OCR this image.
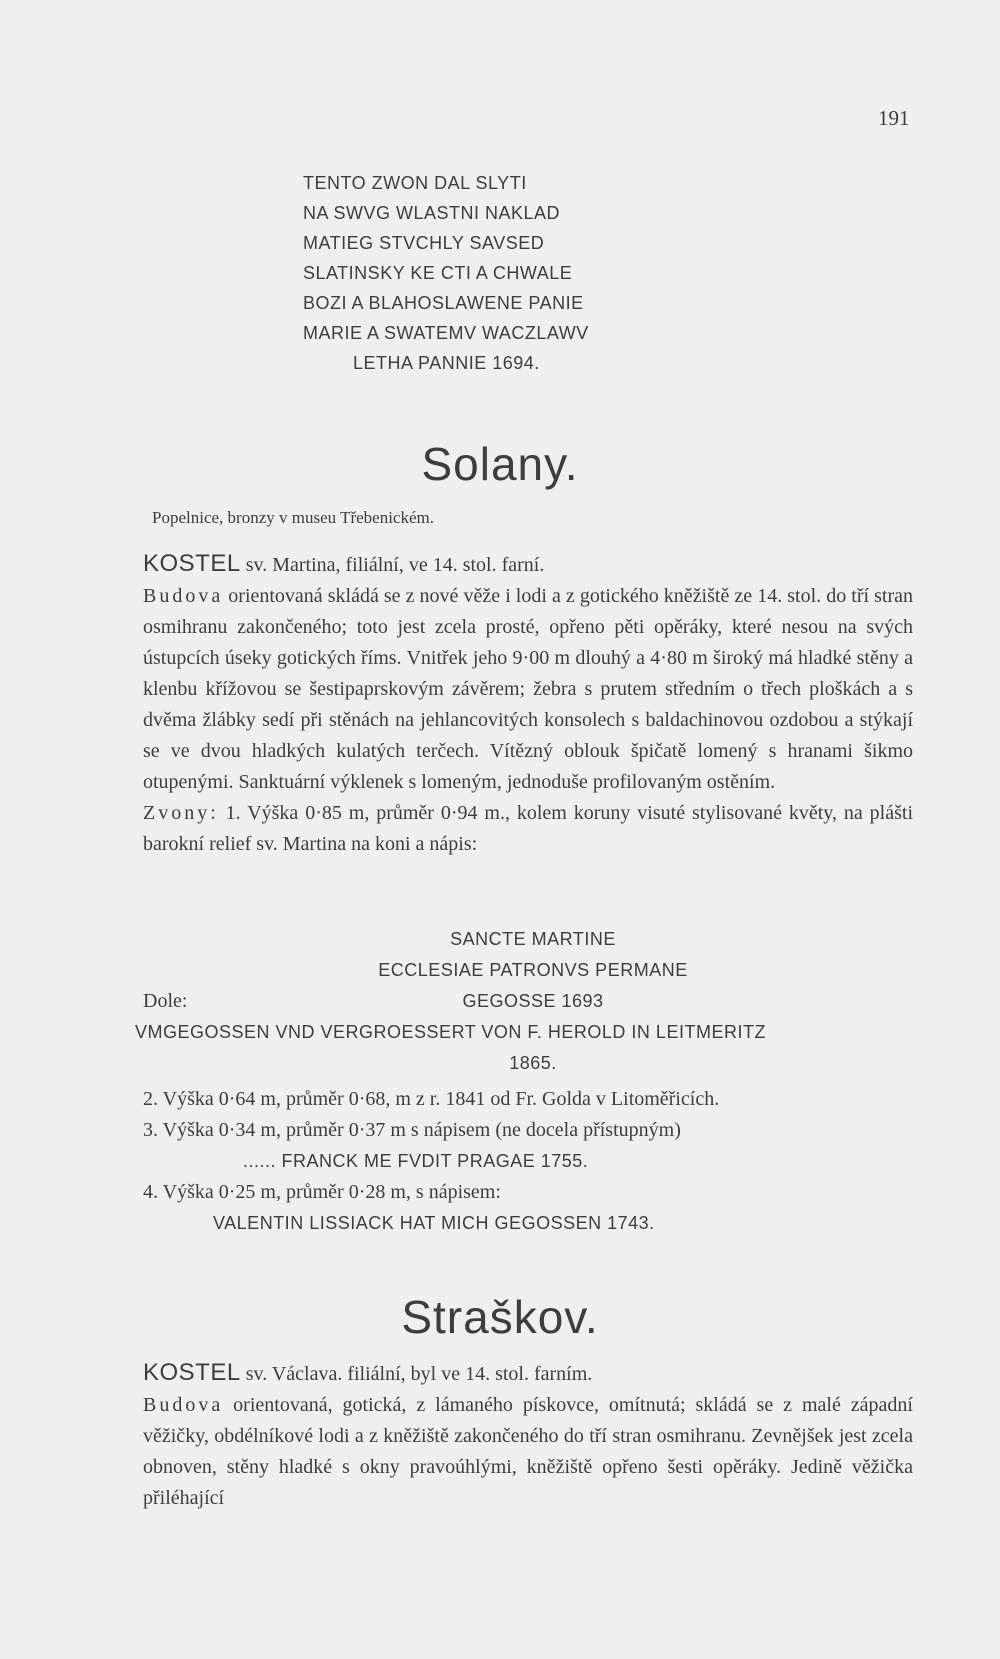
191
TENTO ZWON DAL SLYTI
NA SWVG WLASTNI NAKLAD
MATIEG STVCHLY SAVSED
SLATINSKY KE CTI A CHWALE
BOZI A BLAHOSLAWENE PANIE
MARIE A SWATEMV WACZLAWV
LETHA PANNIE 1694.
Solany.
Popelnice, bronzy v museu Třebenickém.

KOSTEL sv. Martina, filiální, ve 14. stol. farní.

Budova orientovaná skládá se z nové věže i lodi a z gotického kněžiště ze 14. stol. do tří stran osmihranu zakončeného; toto jest zcela prosté, opřeno pěti opěráky, které nesou na svých ústupcích úseky gotických říms. Vnitřek jeho 9·00 m dlouhý a 4·80 m široký má hladké stěny a klenbu křížovou se šestipaprskovým závěrem; žebra s prutem středním o třech ploškách a s dvěma žlábky sedí při stěnách na jehlancovitých konsolech s baldachinovou ozdobou a stýkají se ve dvou hladkých kulatých terčech. Vítězný oblouk špičatě lomený s hranami šikmo otupenými. Sanktuární výklenek s lomeným, jednoduše profilovaným ostěním.

Zvony: 1. Výška 0·85 m, průměr 0·94 m., kolem koruny visuté stylisované květy, na plášti barokní relief sv. Martina na koni a nápis:

SANCTE MARTINE
ECCLESIAE PATRONVS PERMANE
Dole:	GEGOSSE 1693
VMGEGOSSEN VND VERGROESSERT VON F. HEROLD IN LEITMERITZ
1865.
2. Výška 0·64 m, průměr 0·68, m z r. 1841 od Fr. Golda v Litoměřicích.
3. Výška 0·34 m, průměr 0·37 m s nápisem (ne docela přístupným)
...... FRANCK ME FVDIT PRAGAE 1755.
4. Výška 0·25 m, průměr 0·28 m, s nápisem:
VALENTIN LISSIACK HAT MICH GEGOSSEN 1743.
Straškov.

KOSTEL sv. Václava. filiální, byl ve 14. stol. farním.

Budova orientovaná, gotická, z lámaného pískovce, omítnutá; skládá se z malé západní věžičky, obdélníkové lodi a z kněžiště zakončeného do tří stran osmihranu. Zevnějšek jest zcela obnoven, stěny hladké s okny pravoúhlými, kněžiště opřeno šesti opěráky. Jedině věžička přiléhající
